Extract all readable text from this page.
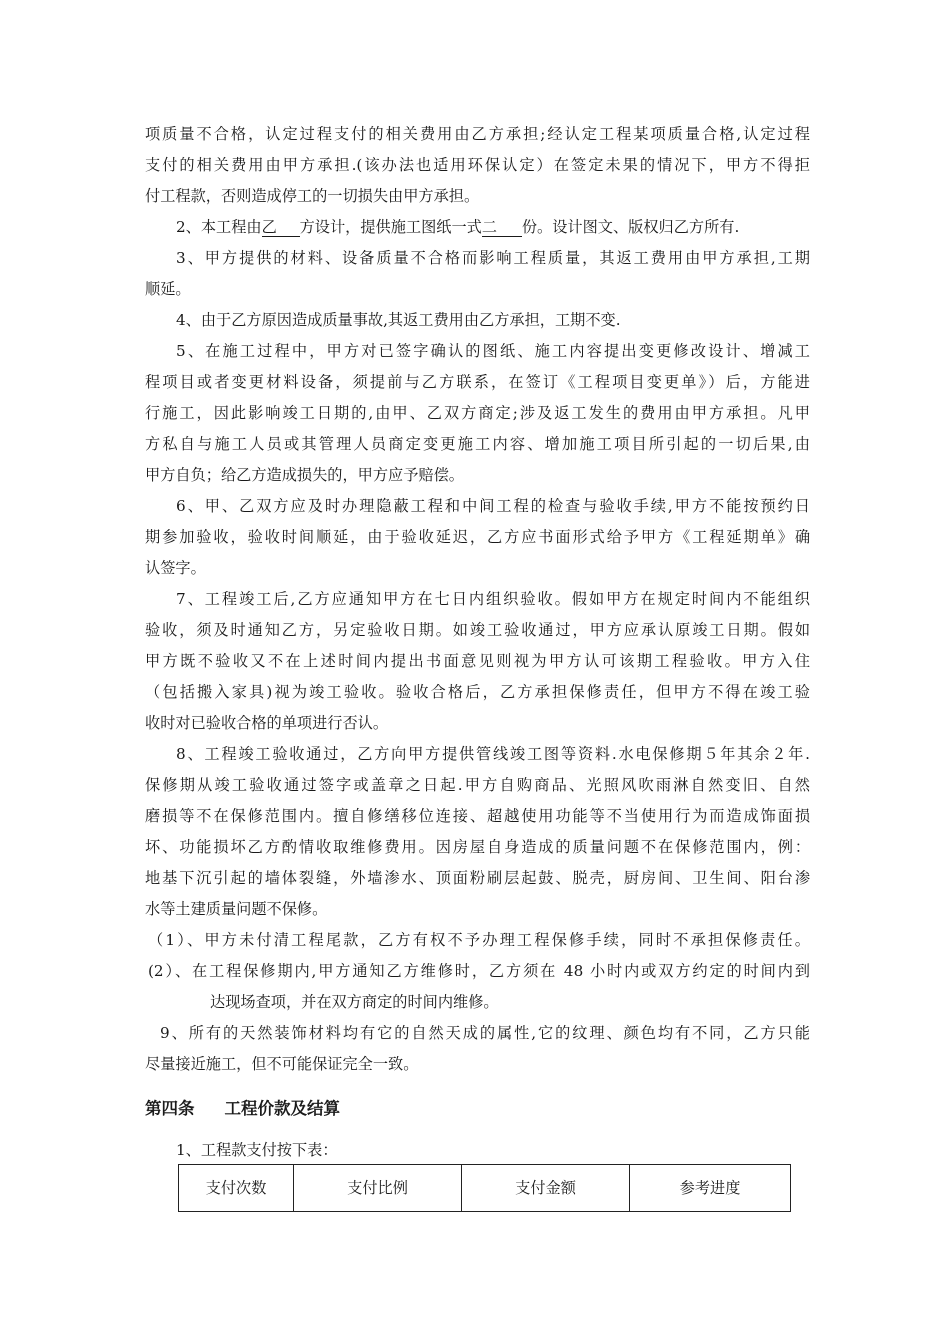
项质量不合格，认定过程支付的相关费用由乙方承担;经认定工程某项质量合格,认定过程
支付的相关费用由甲方承担.(该办法也适用环保认定）在签定未果的情况下，甲方不得拒
付工程款，否则造成停工的一切损失由甲方承担。
2、本工程由乙 方设计，提供施工图纸一式二 份。设计图文、版权归乙方所有.
3、甲方提供的材料、设备质量不合格而影响工程质量，其返工费用由甲方承担,工期
顺延。
4、由于乙方原因造成质量事故,其返工费用由乙方承担，工期不变.
5、在施工过程中，甲方对已签字确认的图纸、施工内容提出变更修改设计、增减工
程项目或者变更材料设备，须提前与乙方联系，在签订《工程项目变更单》）后，方能进
行施工，因此影响竣工日期的,由甲、乙双方商定;涉及返工发生的费用由甲方承担。凡甲
方私自与施工人员或其管理人员商定变更施工内容、增加施工项目所引起的一切后果,由
甲方自负；给乙方造成损失的，甲方应予赔偿。
6、甲、乙双方应及时办理隐蔽工程和中间工程的检查与验收手续,甲方不能按预约日
期参加验收，验收时间顺延，由于验收延迟，乙方应书面形式给予甲方《工程延期单》确
认签字。
7、工程竣工后,乙方应通知甲方在七日内组织验收。假如甲方在规定时间内不能组织
验收，须及时通知乙方，另定验收日期。如竣工验收通过，甲方应承认原竣工日期。假如
甲方既不验收又不在上述时间内提出书面意见则视为甲方认可该期工程验收。甲方入住
（包括搬入家具)视为竣工验收。验收合格后，乙方承担保修责任，但甲方不得在竣工验
收时对已验收合格的单项进行否认。
8、工程竣工验收通过，乙方向甲方提供管线竣工图等资料.水电保修期５年其余２年.
保修期从竣工验收通过签字或盖章之日起.甲方自购商品、光照风吹雨淋自然变旧、自然
磨损等不在保修范围内。擅自修缮移位连接、超越使用功能等不当使用行为而造成饰面损
坏、功能损坏乙方酌情收取维修费用。因房屋自身造成的质量问题不在保修范围内，例：
地基下沉引起的墙体裂缝，外墙渗水、顶面粉刷层起鼓、脱壳，厨房间、卫生间、阳台渗
水等土建质量问题不保修。
（1）、甲方未付清工程尾款，乙方有权不予办理工程保修手续，同时不承担保修责任。
(2）、在工程保修期内,甲方通知乙方维修时，乙方须在 48 小时内或双方约定的时间内到
达现场查项，并在双方商定的时间内维修。
9、所有的天然装饰材料均有它的自然天成的属性,它的纹理、颜色均有不同，乙方只能
尽量接近施工，但不可能保证完全一致。
第四条 工程价款及结算
1、工程款支付按下表：
支付次数	支付比例	支付金额	参考进度
